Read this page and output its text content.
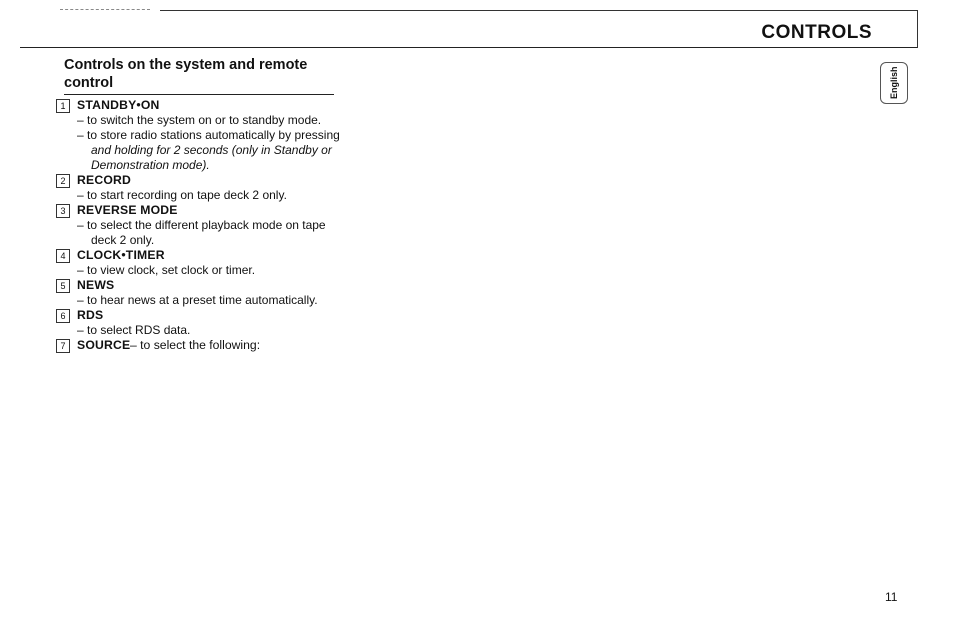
CONTROLS
English
Controls on the system and remote control
11
1 STANDBY•ON
– to switch the system on or to standby mode.
– to store radio stations automatically by pressing
and holding for 2 seconds (only in Standby or
Demonstration mode).
2 RECORD
– to start recording on tape deck 2 only.
3 REVERSE MODE
– to select the different playback mode on tape
deck 2 only.
4 CLOCK•TIMER
– to view clock, set clock or timer.
5 NEWS
– to hear news at a preset time automatically.
6 RDS
– to select RDS data.
7 SOURCE – to select the following:
